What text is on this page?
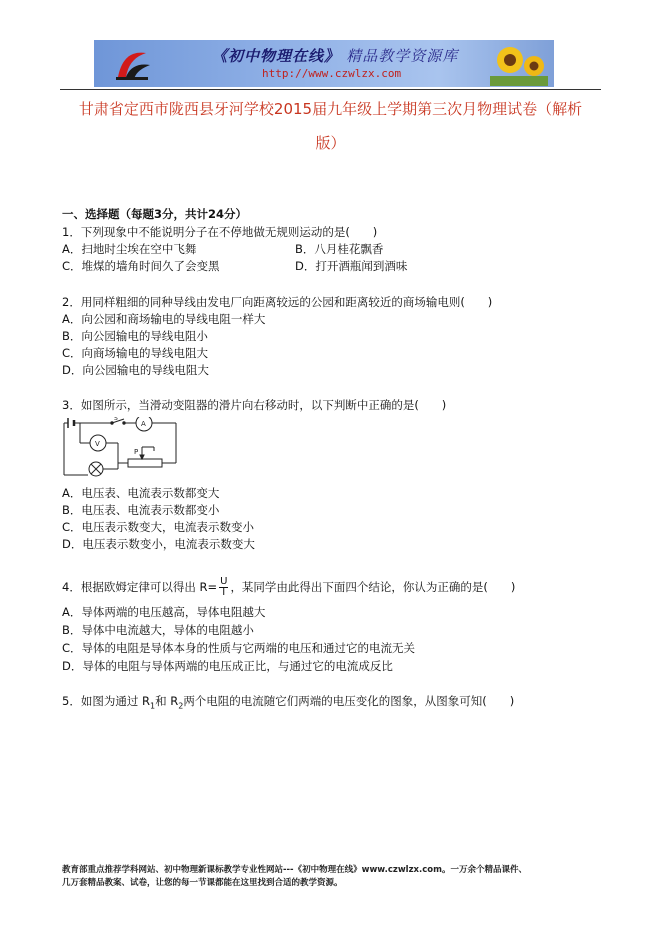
《初中物理在线》 精品教学资源库
http://www.czwlzx.com
甘肃省定西市陇西县牙河学校2015届九年级上学期第三次月物理试卷（解析
版）
一、选择题（每题3分，共计24分）
1．下列现象中不能说明分子在不停地做无规则运动的是(　　)
A．扫地时尘埃在空中飞舞	B．八月桂花飘香
C．堆煤的墙角时间久了会变黑	D．打开酒瓶闻到酒味
2．用同样粗细的同种导线由发电厂向距离较远的公园和距离较近的商场输电则(　　)
A．向公园和商场输电的导线电阻一样大
B．向公园输电的导线电阻小
C．向商场输电的导线电阻大
D．向公园输电的导线电阻大
3．如图所示，当滑动变阻器的滑片向右移动时，以下判断中正确的是(　　)
S
A
V
P
A．电压表、电流表示数都变大
B．电压表、电流表示数都变小
C．电压表示数变大，电流表示数变小
D．电压表示数变小，电流表示数变大
4．根据欧姆定律可以得出 $R= \frac{U}{I}$ ，某同学由此得出下面四个结论，你认为正确的是(　　)
A．导体两端的电压越高，导体电阻越大
B．导体中电流越大，导体的电阻越小
C．导体的电阻是导体本身的性质与它两端的电压和通过它的电流无关
D．导体的电阻与导体两端的电压成正比，与通过它的电流成反比
5．如图为通过 $R_1$和 $R_2$两个电阻的电流随它们两端的电压变化的图象，从图象可知(　　)
教育部重点推荐学科网站、初中物理新课标教学专业性网站---《初中物理在线》www.czwlzx.com。一万余个精品课件、
几万套精品教案、试卷，让您的每一节课都能在这里找到合适的教学资源。
